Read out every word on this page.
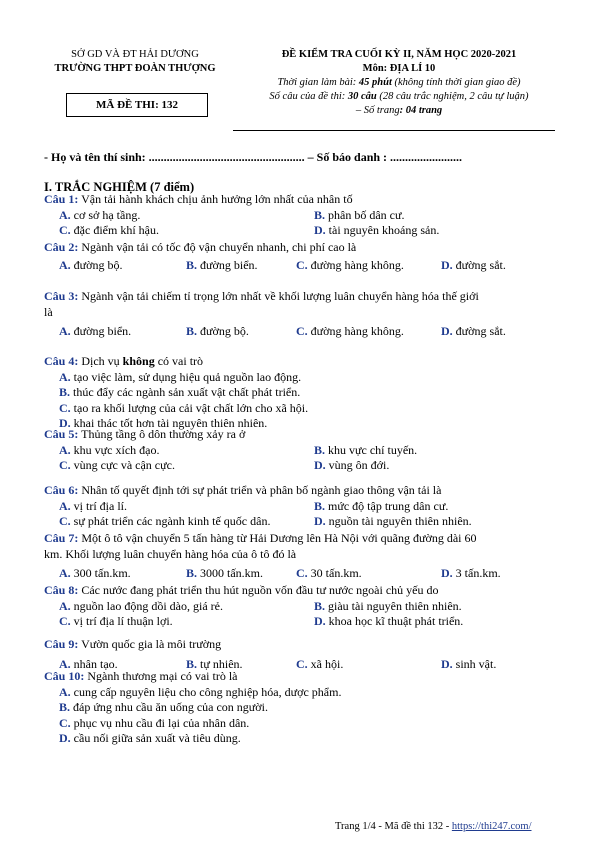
SỞ GD VÀ ĐT HẢI DƯƠNG
TRƯỜNG THPT ĐOÀN THƯỢNG
MÃ ĐỀ THI: 132
ĐỀ KIỂM TRA CUỐI KỲ II, NĂM HỌC 2020-2021
Môn: ĐỊA LÍ 10
Thời gian làm bài: 45 phút (không tính thời gian giao đề)
Số câu của đề thi: 30 câu (28 câu trắc nghiệm, 2 câu tự luận)
– Số trang: 04 trang
- Họ và tên thí sinh: .................................................... – Số báo danh : ........................
I. TRẮC NGHIỆM (7 điểm)
Câu 1: Vận tải hành khách chịu ảnh hưởng lớn nhất của nhân tố
A. cơ sở hạ tầng.	B. phân bố dân cư.
C. đặc điểm khí hậu.	D. tài nguyên khoáng sản.
Câu 2: Ngành vận tải có tốc độ vận chuyển nhanh, chi phí cao là
A. đường bộ.	B. đường biển.	C. đường hàng không.	D. đường sắt.
Câu 3: Ngành vận tải chiếm tỉ trọng lớn nhất về khối lượng luân chuyển hàng hóa thế giới
là
A. đường biển.	B. đường bộ.	C. đường hàng không.	D. đường sắt.
Câu 4: Dịch vụ không có vai trò
A. tạo việc làm, sử dụng hiệu quả nguồn lao động.
B. thúc đẩy các ngành sản xuất vật chất phát triển.
C. tạo ra khối lượng của cải vật chất lớn cho xã hội.
D. khai thác tốt hơn tài nguyên thiên nhiên.
Câu 5: Thủng tầng ô dôn thường xảy ra ở
A. khu vực xích đạo.	B. khu vực chí tuyến.
C. vùng cực và cận cực.	D. vùng ôn đới.
Câu 6: Nhân tố quyết định tới sự phát triển và phân bố ngành giao thông vận tải là
A. vị trí địa lí.	B. mức độ tập trung dân cư.
C. sự phát triển các ngành kinh tế quốc dân.	D. nguồn tài nguyên thiên nhiên.
Câu 7: Một ô tô vận chuyển 5 tấn hàng từ Hải Dương lên Hà Nội với quãng đường dài 60
km. Khối lượng luân chuyển hàng hóa của ô tô đó là
A. 300 tấn.km.	B. 3000 tấn.km.	C. 30 tấn.km.	D. 3 tấn.km.
Câu 8: Các nước đang phát triển thu hút nguồn vốn đầu tư nước ngoài chủ yếu do
A. nguồn lao động dồi dào, giá rẻ.	B. giàu tài nguyên thiên nhiên.
C. vị trí địa lí thuận lợi.	D. khoa học kĩ thuật phát triển.
Câu 9: Vườn quốc gia là môi trường
A. nhân tạo.	B. tự nhiên.	C. xã hội.	D. sinh vật.
Câu 10: Ngành thương mại có vai trò là
A. cung cấp nguyên liệu cho công nghiệp hóa, dược phẩm.
B. đáp ứng nhu cầu ăn uống của con người.
C. phục vụ nhu cầu đi lại của nhân dân.
D. cầu nối giữa sản xuất và tiêu dùng.
Trang 1/4 - Mã đề thi 132 - https://thi247.com/
